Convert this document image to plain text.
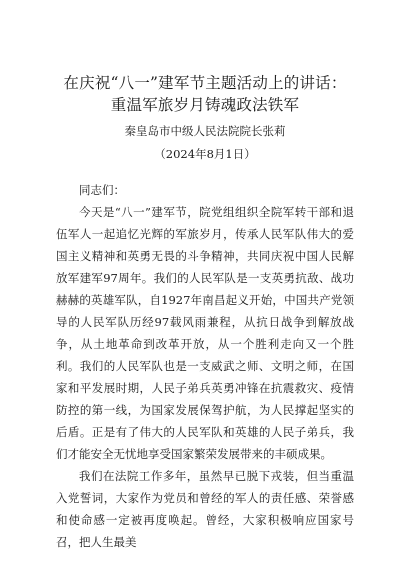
在庆祝“八一”建军节主题活动上的讲话：重温军旅岁月铸魂政法铁军
秦皇岛市中级人民法院院长张莉
（2024年8月1日）
同志们：

今天是“八一”建军节，院党组组织全院军转干部和退伍军人一起追忆光辉的军旅岁月，传承人民军队伟大的爱国主义精神和英勇无畏的斗争精神，共同庆祝中国人民解放军建军97周年。我们的人民军队是一支英勇抗敌、战功赫赫的英雄军队，自1927年南昌起义开始，中国共产党领导的人民军队历经97载风雨兼程，从抗日战争到解放战争，从土地革命到改革开放，从一个胜利走向又一个胜利。我们的人民军队也是一支威武之师、文明之师，在国家和平发展时期，人民子弟兵英勇冲锋在抗震救灾、疫情防控的第一线，为国家发展保驾护航，为人民撑起坚实的后盾。正是有了伟大的人民军队和英雄的人民子弟兵，我们才能安全无忧地享受国家繁荣发展带来的丰硕成果。

我们在法院工作多年，虽然早已脱下戎装，但当重温入党誓词，大家作为党员和曾经的军人的责任感、荣誉感和使命感一定被再度唤起。曾经，大家积极响应国家号召，把人生最美
